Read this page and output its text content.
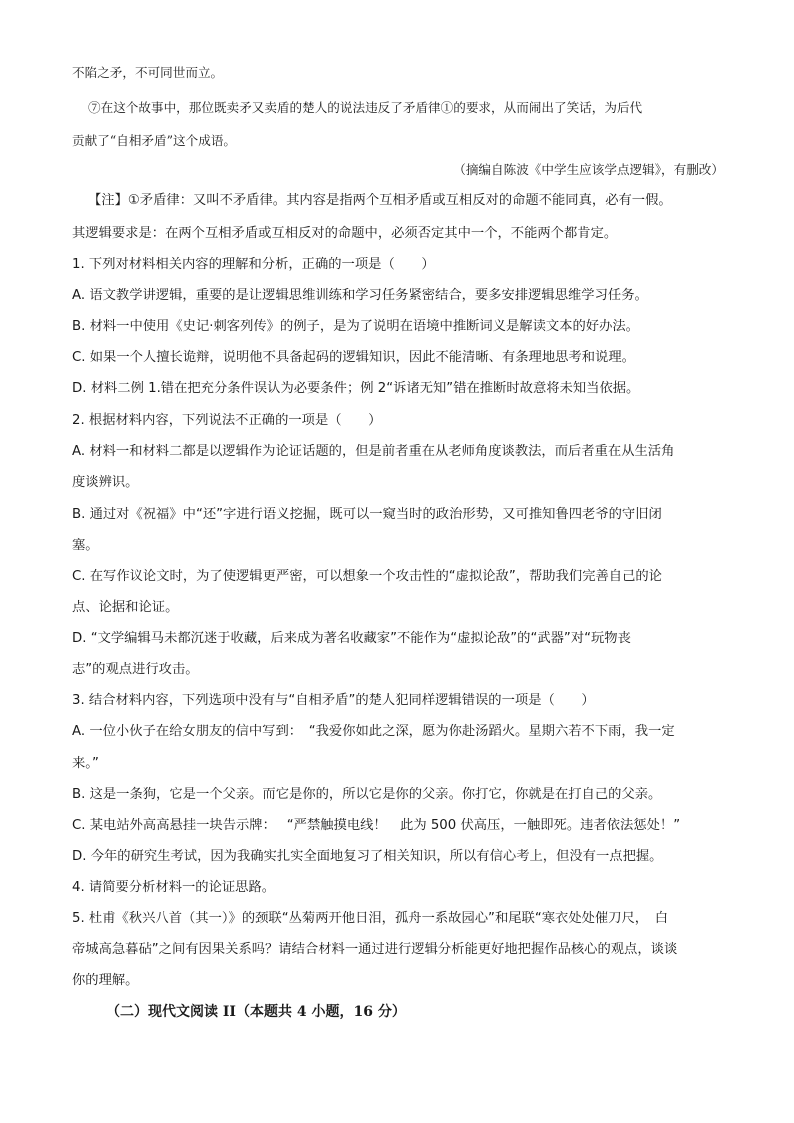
不陷之矛，不可同世而立。
⑦在这个故事中，那位既卖矛又卖盾的楚人的说法违反了矛盾律①的要求，从而闹出了笑话，为后代
贡献了“自相矛盾”这个成语。
（摘编自陈波《中学生应该学点逻辑》，有删改）
【注】①矛盾律：又叫不矛盾律。其内容是指两个互相矛盾或互相反对的命题不能同真，必有一假。
其逻辑要求是：在两个互相矛盾或互相反对的命题中，必须否定其中一个，不能两个都肯定。
1. 下列对材料相关内容的理解和分析，正确的一项是（　　）
A. 语文教学讲逻辑，重要的是让逻辑思维训练和学习任务紧密结合，要多安排逻辑思维学习任务。
B. 材料一中使用《史记·刺客列传》的例子，是为了说明在语境中推断词义是解读文本的好办法。
C. 如果一个人擅长诡辩，说明他不具备起码的逻辑知识，因此不能清晰、有条理地思考和说理。
D. 材料二例 1.错在把充分条件误认为必要条件；例 2“诉诸无知”错在推断时故意将未知当依据。
2. 根据材料内容，下列说法不正确的一项是（　　）
A. 材料一和材料二都是以逻辑作为论证话题的，但是前者重在从老师角度谈教法，而后者重在从生活角
度谈辨识。
B. 通过对《祝福》中“还”字进行语义挖掘，既可以一窥当时的政治形势，又可推知鲁四老爷的守旧闭
塞。
C. 在写作议论文时，为了使逻辑更严密，可以想象一个攻击性的“虚拟论敌”，帮助我们完善自己的论
点、论据和论证。
D. “文学编辑马未都沉迷于收藏，后来成为著名收藏家”不能作为“虚拟论敌”的“武器”对“玩物丧
志”的观点进行攻击。
3. 结合材料内容，下列选项中没有与“自相矛盾”的楚人犯同样逻辑错误的一项是（　　）
A. 一位小伙子在给女朋友的信中写到：　“我爱你如此之深，愿为你赴汤蹈火。星期六若不下雨，我一定
来。”
B. 这是一条狗，它是一个父亲。而它是你的，所以它是你的父亲。你打它，你就是在打自己的父亲。
C. 某电站外高高悬挂一块告示牌：　 “严禁触摸电线！　此为 500 伏高压，一触即死。违者依法惩处！”
D. 今年的研究生考试，因为我确实扎实全面地复习了相关知识，所以有信心考上，但没有一点把握。
4. 请简要分析材料一的论证思路。
5. 杜甫《秋兴八首（其一）》的颈联“丛菊两开他日泪，孤舟一系故园心”和尾联“寒衣处处催刀尺，　白
帝城高急暮砧”之间有因果关系吗？请结合材料一通过进行逻辑分析能更好地把握作品核心的观点，谈谈
你的理解。
（二）现代文阅读 II（本题共 4 小题，16 分）
